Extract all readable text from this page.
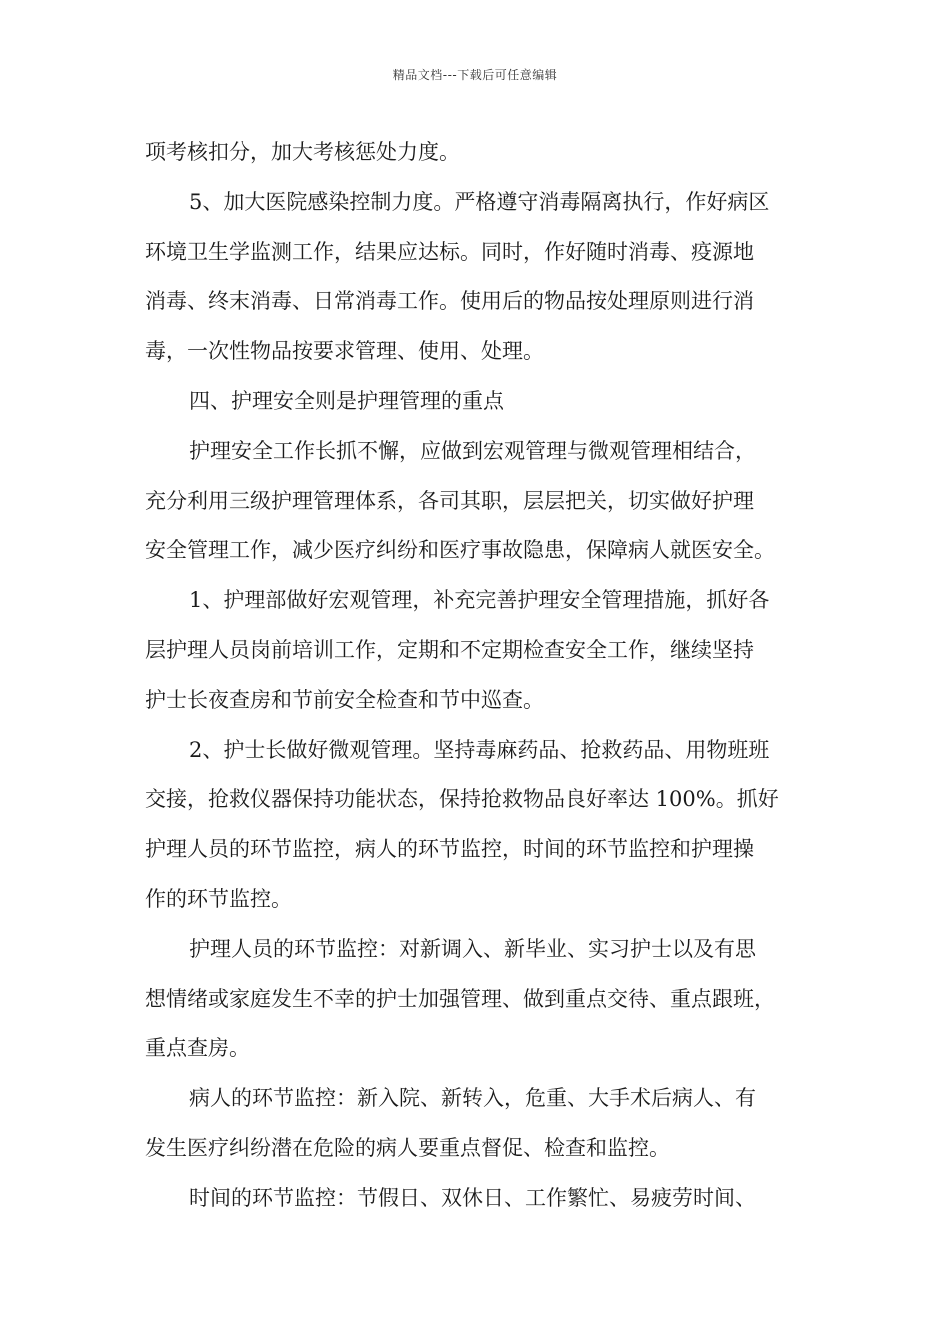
精品文档---下载后可任意编辑
项考核扣分，加大考核惩处力度。
5、加大医院感染控制力度。严格遵守消毒隔离执行，作好病区
环境卫生学监测工作，结果应达标。同时，作好随时消毒、疫源地
消毒、终末消毒、日常消毒工作。使用后的物品按处理原则进行消
毒，一次性物品按要求管理、使用、处理。
四、护理安全则是护理管理的重点
护理安全工作长抓不懈，应做到宏观管理与微观管理相结合，
充分利用三级护理管理体系，各司其职，层层把关，切实做好护理
安全管理工作，减少医疗纠纷和医疗事故隐患，保障病人就医安全。
1、护理部做好宏观管理，补充完善护理安全管理措施，抓好各
层护理人员岗前培训工作，定期和不定期检查安全工作，继续坚持
护士长夜查房和节前安全检查和节中巡查。
2、护士长做好微观管理。坚持毒麻药品、抢救药品、用物班班
交接，抢救仪器保持功能状态，保持抢救物品良好率达 100%。抓好
护理人员的环节监控，病人的环节监控，时间的环节监控和护理操
作的环节监控。
护理人员的环节监控：对新调入、新毕业、实习护士以及有思
想情绪或家庭发生不幸的护士加强管理、做到重点交待、重点跟班，
重点查房。
病人的环节监控：新入院、新转入，危重、大手术后病人、有
发生医疗纠纷潜在危险的病人要重点督促、检查和监控。
时间的环节监控：节假日、双休日、工作繁忙、易疲劳时间、
